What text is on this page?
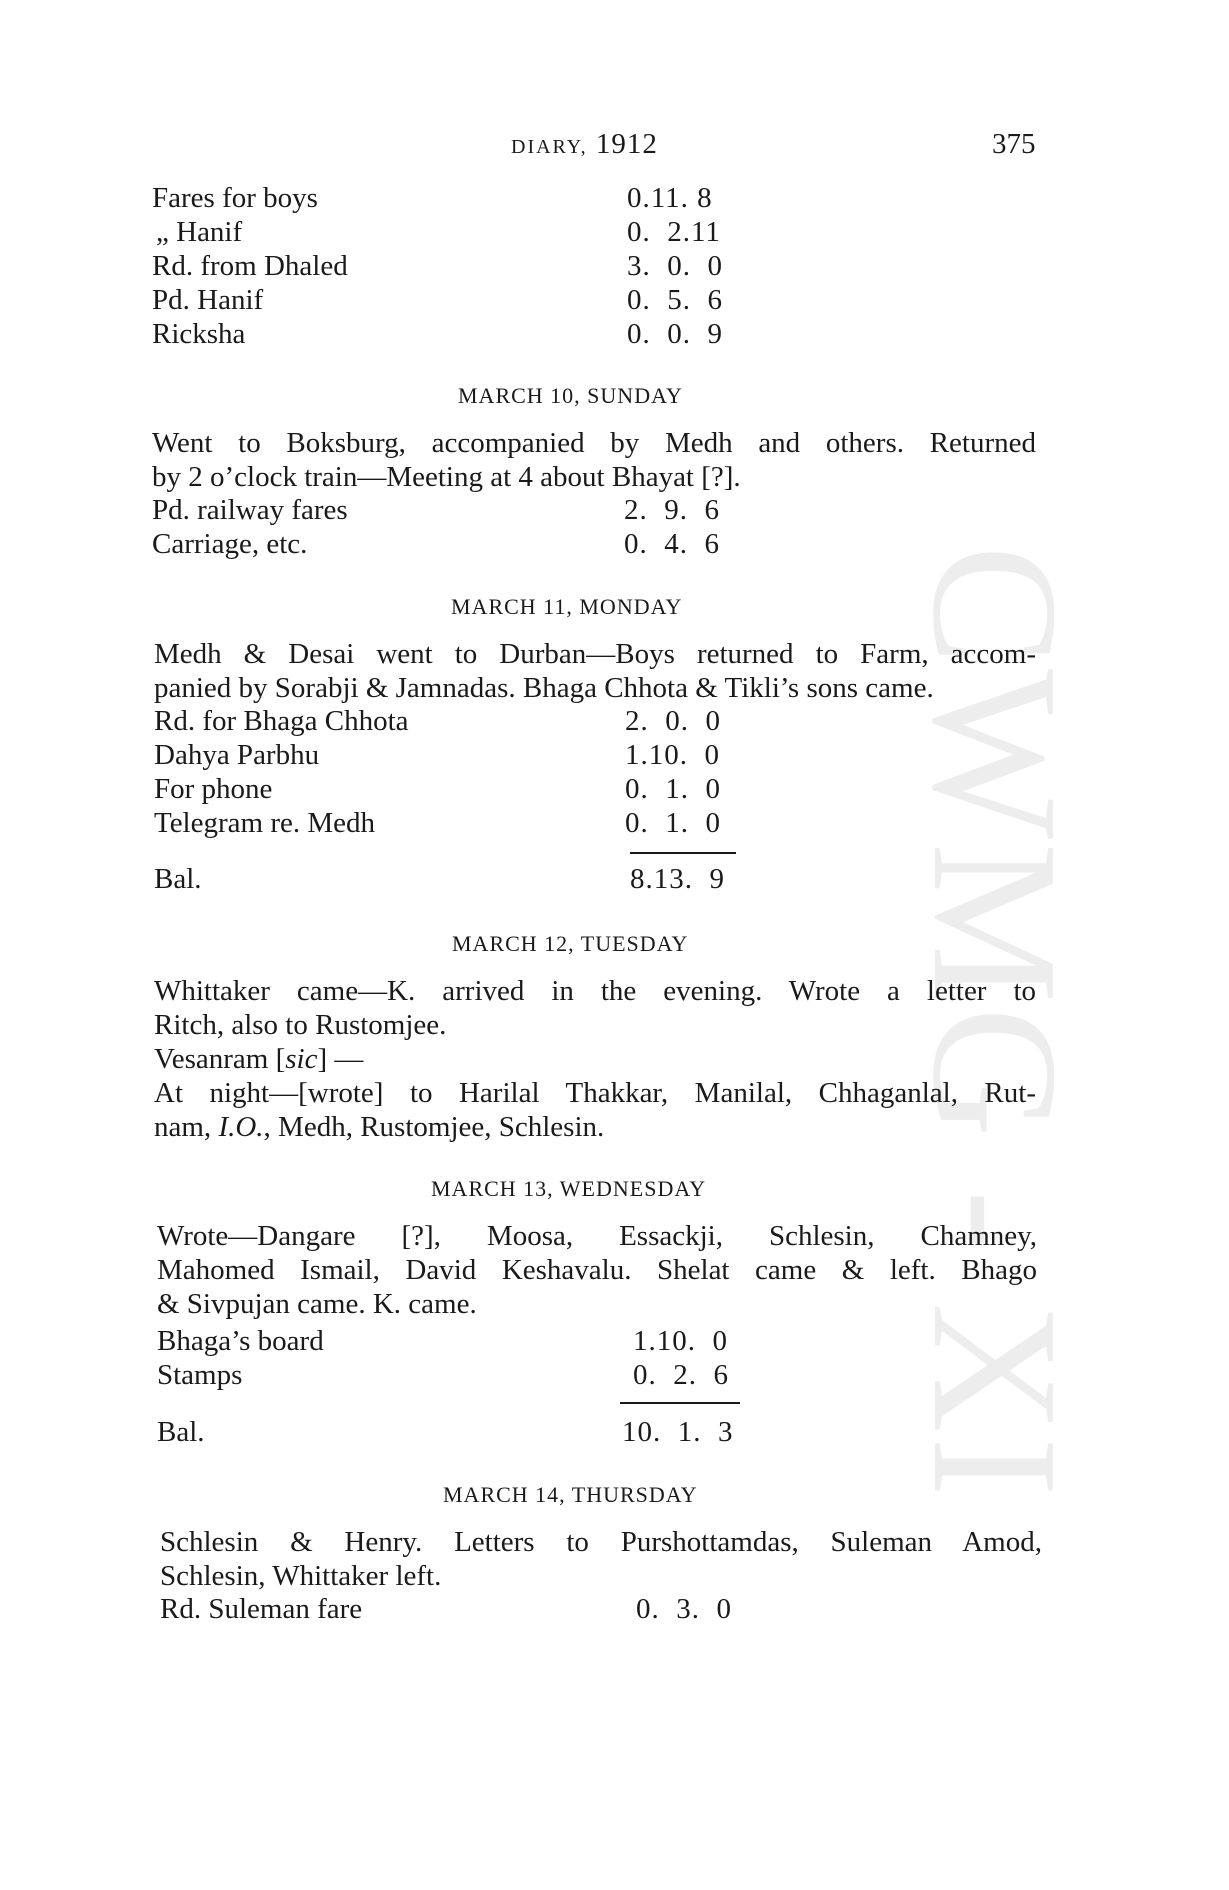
CWMG - XI
DIARY, 1912	375
Fares for boys	0.11. 8
„ Hanif	0.  2.11
Rd. from Dhaled	3.  0.  0
Pd. Hanif	0.  5.  6
Ricksha	0.  0.  9
MARCH 10, SUNDAY
Went to Boksburg, accompanied by Medh and others. Returned
by 2 o’clock train—Meeting at 4 about Bhayat [?].
Pd. railway fares	2.  9.  6
Carriage, etc.	0.  4.  6
MARCH 11, MONDAY
Medh & Desai went to Durban—Boys returned to Farm, accom-
panied by Sorabji & Jamnadas. Bhaga Chhota & Tikli’s sons came.
Rd. for Bhaga Chhota	2.  0.  0
Dahya Parbhu	1.10.  0
For phone	0.  1.  0
Telegram re. Medh	0.  1.  0
Bal.	8.13.  9
MARCH 12, TUESDAY
Whittaker came—K. arrived in the evening. Wrote a letter to
Ritch, also to Rustomjee.
Vesanram [sic] —
At night—[wrote] to Harilal Thakkar, Manilal, Chhaganlal, Rut-
nam, I.O., Medh, Rustomjee, Schlesin.
MARCH 13, WEDNESDAY
Wrote—Dangare [?], Moosa, Essackji, Schlesin, Chamney,
Mahomed Ismail, David Keshavalu. Shelat came & left. Bhago
& Sivpujan came. K. came.
Bhaga’s board	1.10.  0
Stamps	0.  2.  6
Bal.	10.  1.  3
MARCH 14, THURSDAY
Schlesin & Henry. Letters to Purshottamdas, Suleman Amod,
Schlesin, Whittaker left.
Rd. Suleman fare	0.  3.  0
